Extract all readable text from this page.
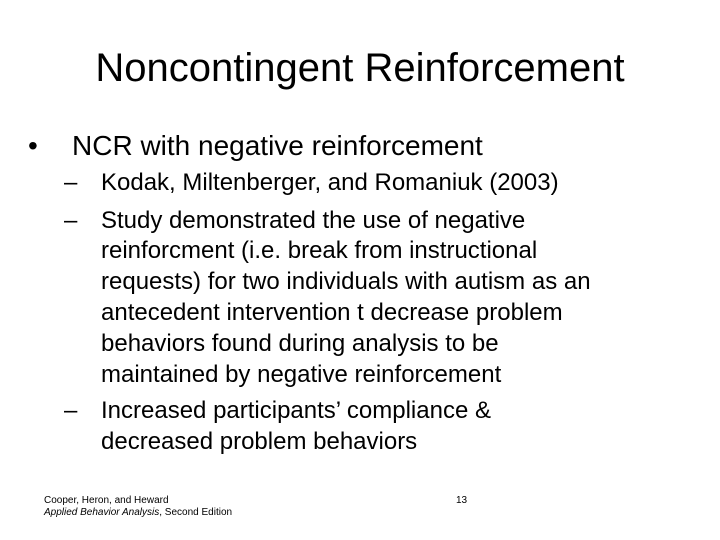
Noncontingent Reinforcement
• NCR with negative reinforcement
– Kodak, Miltenberger, and Romaniuk (2003)
– Study demonstrated the use of negative
reinforcment (i.e. break from instructional
requests) for two individuals with autism as an
antecedent intervention t decrease problem
behaviors found during analysis to be
maintained by negative reinforcement
– Increased participants’ compliance &
decreased problem behaviors
Cooper, Heron, and Heward
Applied Behavior Analysis, Second Edition
13
